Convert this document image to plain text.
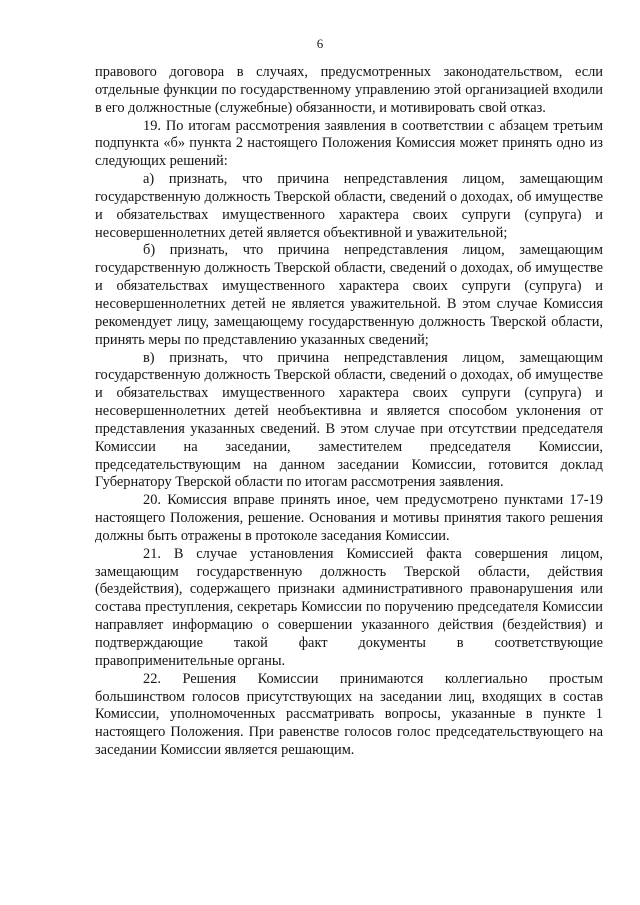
6

правового договора в случаях, предусмотренных законодательством, если отдельные функции по государственному управлению этой организацией входили в его должностные (служебные) обязанности, и мотивировать свой отказ.

19. По итогам рассмотрения заявления в соответствии с абзацем третьим подпункта «б» пункта 2 настоящего Положения Комиссия может принять одно из следующих решений:

а) признать, что причина непредставления лицом, замещающим государственную должность Тверской области, сведений о доходах, об имуществе и обязательствах имущественного характера своих супруги (супруга) и несовершеннолетних детей является объективной и уважительной;

б) признать, что причина непредставления лицом, замещающим государственную должность Тверской области, сведений о доходах, об имуществе и обязательствах имущественного характера своих супруги (супруга) и несовершеннолетних детей не является уважительной. В этом случае Комиссия рекомендует лицу, замещающему государственную должность Тверской области, принять меры по представлению указанных сведений;

в) признать, что причина непредставления лицом, замещающим государственную должность Тверской области, сведений о доходах, об имуществе и обязательствах имущественного характера своих супруги (супруга) и несовершеннолетних детей необъективна и является способом уклонения от представления указанных сведений. В этом случае при отсутствии председателя Комиссии на заседании, заместителем председателя Комиссии, председательствующим на данном заседании Комиссии, готовится доклад Губернатору Тверской области по итогам рассмотрения заявления.

20. Комиссия вправе принять иное, чем предусмотрено пунктами 17-19 настоящего Положения, решение. Основания и мотивы принятия такого решения должны быть отражены в протоколе заседания Комиссии.

21. В случае установления Комиссией факта совершения лицом, замещающим государственную должность Тверской области, действия (бездействия), содержащего признаки административного правонарушения или состава преступления, секретарь Комиссии по поручению председателя Комиссии направляет информацию о совершении указанного действия (бездействия) и подтверждающие такой факт документы в соответствующие правоприменительные органы.

22. Решения Комиссии принимаются коллегиально простым большинством голосов присутствующих на заседании лиц, входящих в состав Комиссии, уполномоченных рассматривать вопросы, указанные в пункте 1 настоящего Положения. При равенстве голосов голос председательствующего на заседании Комиссии является решающим.
